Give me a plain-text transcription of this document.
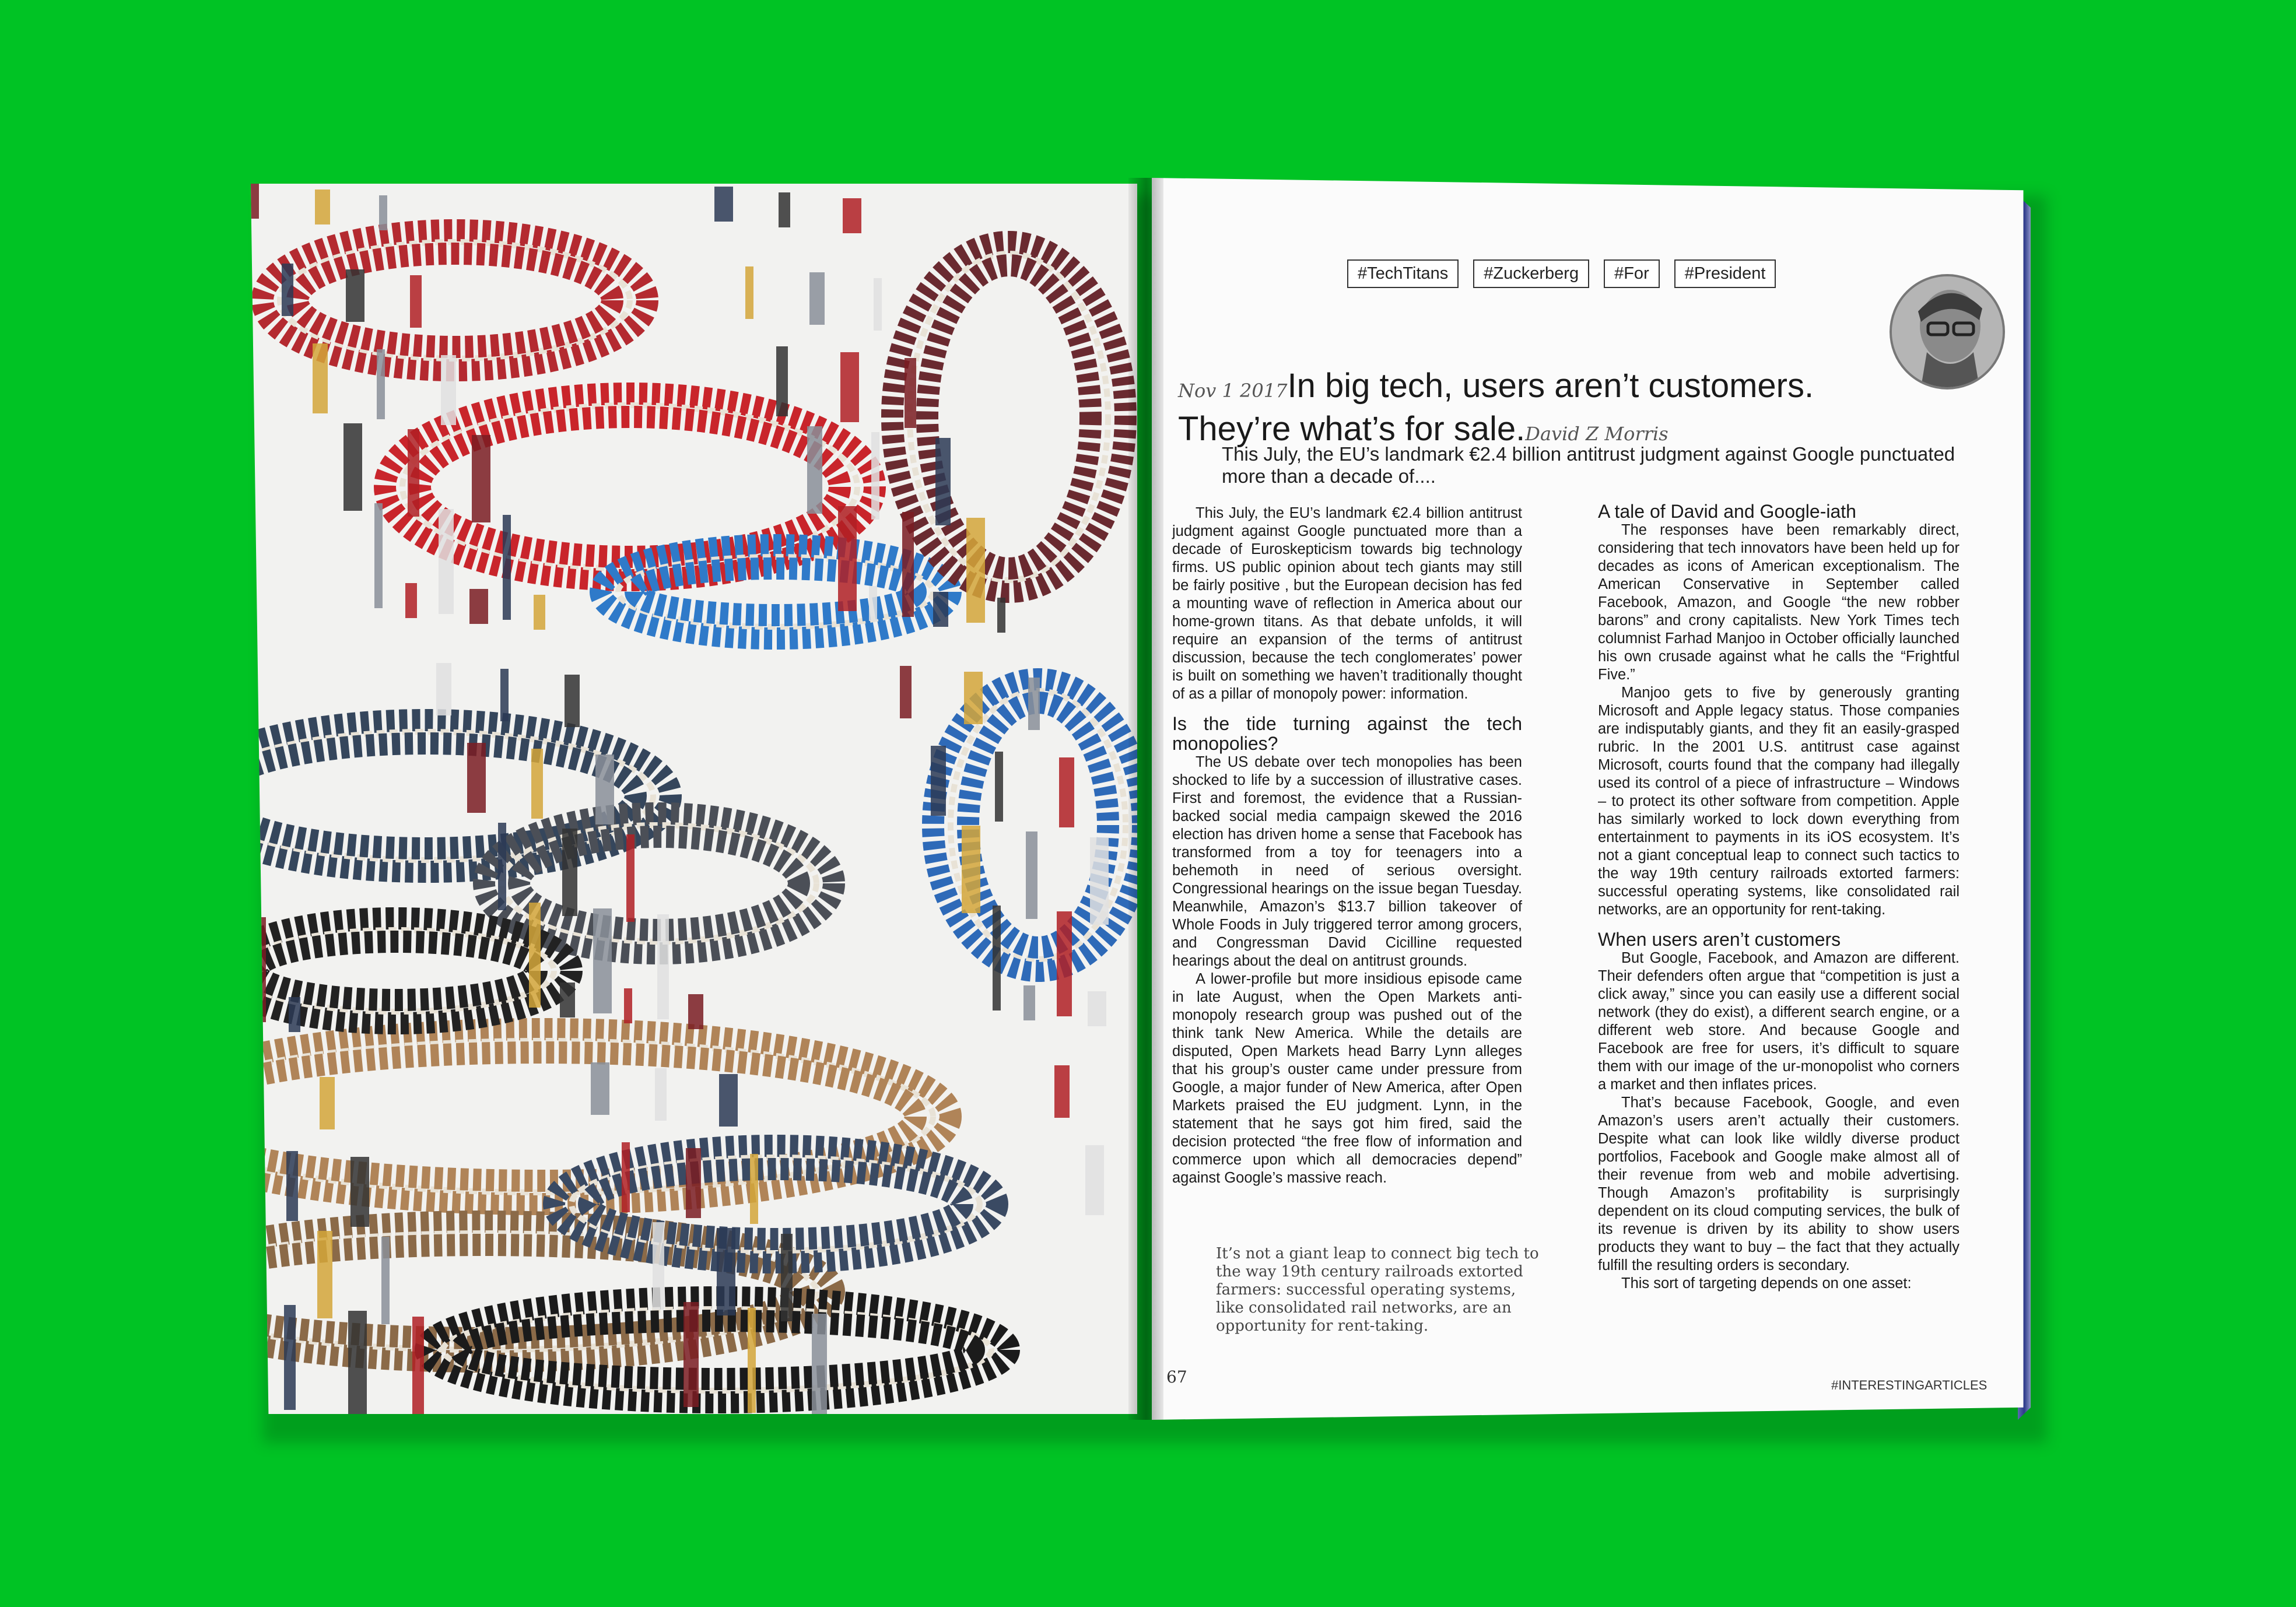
#TechTitans	#Zuckerberg	#For	#President
Nov 1 2017In big tech, users aren’t customers. They’re what’s for sale.David Z Morris
This July, the EU’s landmark €2.4 billion antitrust judgment against Google punctuated more than a decade of....

This July, the EU’s landmark €2.4 billion antitrust judgment against Google punctuated more than a decade of Euroskepticism towards big technology firms. US public opinion about tech giants may still be fairly positive , but the European decision has fed a mounting wave of reflection in America about our home-grown titans. As that debate unfolds, it will require an expansion of the terms of antitrust discussion, because the tech conglomerates’ power is built on something we haven’t traditionally thought of as a pillar of monopoly power: information.

Is the tide turning against the tech monopolies?

The US debate over tech monopolies has been shocked to life by a succession of illustrative cases. First and foremost, the evidence that a Russian-backed social media campaign skewed the 2016 election has driven home a sense that Facebook has transformed from a toy for teenagers into a behemoth in need of serious oversight. Congressional hearings on the issue began Tuesday. Meanwhile, Amazon’s $13.7 billion takeover of Whole Foods in July triggered terror among grocers, and Congressman David Cicilline requested hearings about the deal on antitrust grounds.

A lower-profile but more insidious episode came in late August, when the Open Markets anti-monopoly research group was pushed out of the think tank New America. While the details are disputed, Open Markets head Barry Lynn alleges that his group’s ouster came under pressure from Google, a major funder of New America, after Open Markets praised the EU judgment. Lynn, in the statement that he says got him fired, said the decision protected “the free flow of information and commerce upon which all democracies depend” against Google’s massive reach.

It’s not a giant leap to connect big tech to the way 19th century railroads extorted farmers: successful operating systems, like consolidated rail networks, are an opportunity for rent-taking.
A tale of David and Google-iath

The responses have been remarkably direct, considering that tech innovators have been held up for decades as icons of American exceptionalism. The American Conservative in September called Facebook, Amazon, and Google “the new robber barons” and crony capitalists. New York Times tech columnist Farhad Manjoo in October officially launched his own crusade against what he calls the “Frightful Five.”

Manjoo gets to five by generously granting Microsoft and Apple legacy status. Those companies are indisputably giants, and they fit an easily-grasped rubric. In the 2001 U.S. antitrust case against Microsoft, courts found that the company had illegally used its control of a piece of infrastructure – Windows – to protect its other software from competition. Apple has similarly worked to lock down everything from entertainment to payments in its iOS ecosystem. It’s not a giant conceptual leap to connect such tactics to the way 19th century railroads extorted farmers: successful operating systems, like consolidated rail networks, are an opportunity for rent-taking.

When users aren’t customers

But Google, Facebook, and Amazon are different. Their defenders often argue that “competition is just a click away,” since you can easily use a different social network (they do exist), a different search engine, or a different web store. And because Google and Facebook are free for users, it’s difficult to square them with our image of the ur-monopolist who corners a market and then inflates prices.

That’s because Facebook, Google, and even Amazon’s users aren’t actually their customers. Despite what can look like wildly diverse product portfolios, Facebook and Google make almost all of their revenue from web and mobile advertising. Though Amazon’s profitability is surprisingly dependent on its cloud computing services, the bulk of its revenue is driven by its ability to show users products they want to buy – the fact that they actually fulfill the resulting orders is secondary.

This sort of targeting depends on one asset:

67	#INTERESTINGARTICLES
